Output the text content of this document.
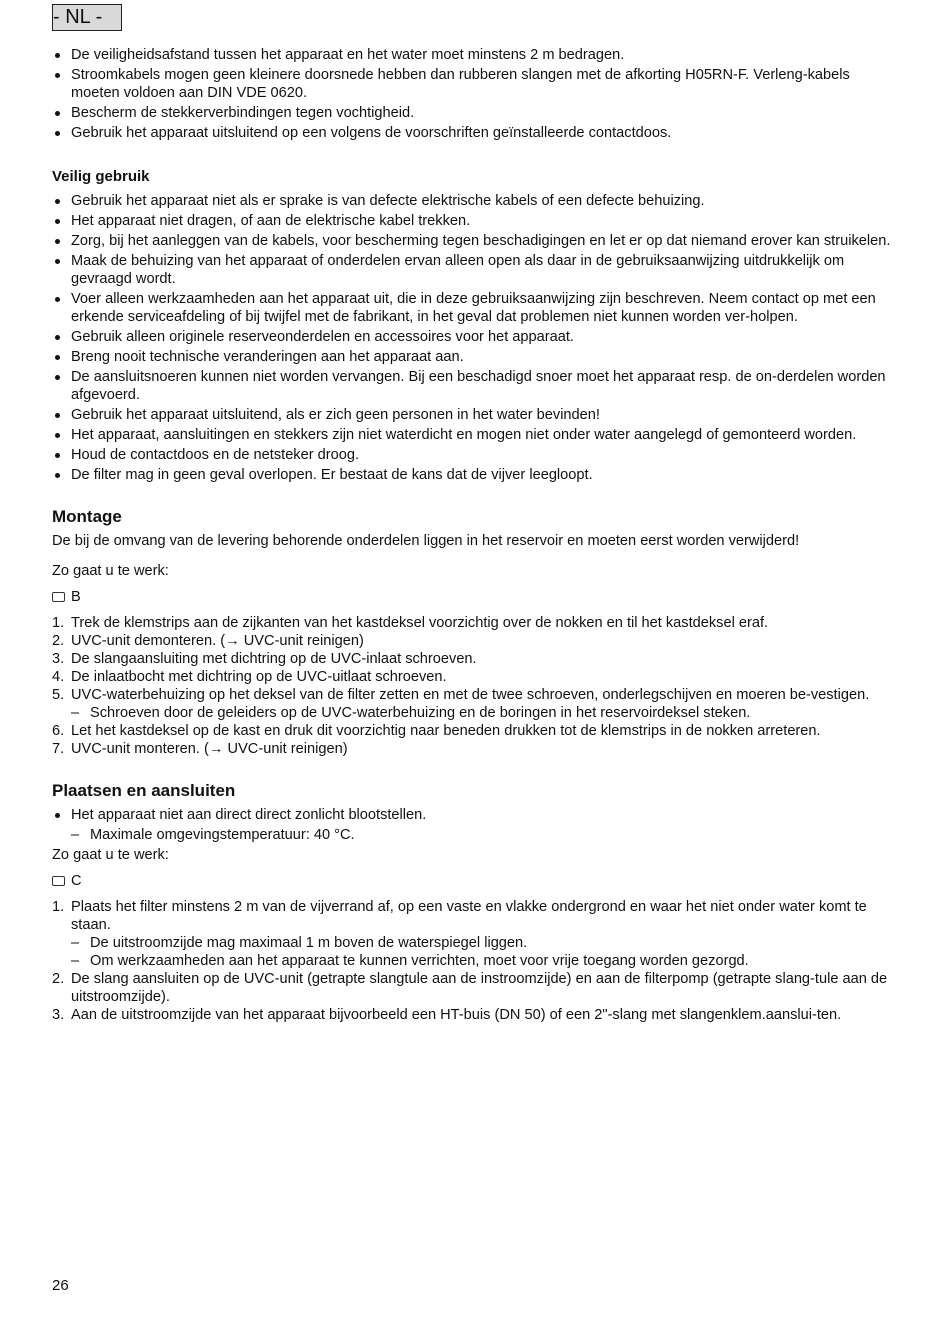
- NL -
De veiligheidsafstand tussen het apparaat en het water moet minstens 2 m bedragen.
Stroomkabels mogen geen kleinere doorsnede hebben dan rubberen slangen met de afkorting H05RN-F. Verleng-kabels moeten voldoen aan DIN VDE 0620.
Bescherm de stekkerverbindingen tegen vochtigheid.
Gebruik het apparaat uitsluitend op een volgens de voorschriften geïnstalleerde contactdoos.
Veilig gebruik
Gebruik het apparaat niet als er sprake is van defecte elektrische kabels of een defecte behuizing.
Het apparaat niet dragen, of aan de elektrische kabel trekken.
Zorg, bij het aanleggen van de kabels, voor bescherming tegen beschadigingen en let er op dat niemand erover kan struikelen.
Maak de behuizing van het apparaat of onderdelen ervan alleen open als daar in de gebruiksaanwijzing uitdrukkelijk om gevraagd wordt.
Voer alleen werkzaamheden aan het apparaat uit, die in deze gebruiksaanwijzing zijn beschreven. Neem contact op met een erkende serviceafdeling of bij twijfel met de fabrikant, in het geval dat problemen niet kunnen worden ver-holpen.
Gebruik alleen originele reserveonderdelen en accessoires voor het apparaat.
Breng nooit technische veranderingen aan het apparaat aan.
De aansluitsnoeren kunnen niet worden vervangen. Bij een beschadigd snoer moet het apparaat resp. de on-derdelen worden afgevoerd.
Gebruik het apparaat uitsluitend, als er zich geen personen in het water bevinden!
Het apparaat, aansluitingen en stekkers zijn niet waterdicht en mogen niet onder water aangelegd of gemonteerd worden.
Houd de contactdoos en de netsteker droog.
De filter mag in geen geval overlopen. Er bestaat de kans dat de vijver leegloopt.
Montage

De bij de omvang van de levering behorende onderdelen liggen in het reservoir en moeten eerst worden verwijderd!

Zo gaat u te werk:

B
1. Trek de klemstrips aan de zijkanten van het kastdeksel voorzichtig over de nokken en til het kastdeksel eraf.
2. UVC-unit demonteren. (→ UVC-unit reinigen)
3. De slangaansluiting met dichtring op de UVC-inlaat schroeven.
4. De inlaatbocht met dichtring op de UVC-uitlaat schroeven.
5. UVC-waterbehuizing op het deksel van de filter zetten en met de twee schroeven, onderlegschijven en moeren be-vestigen.
– Schroeven door de geleiders op de UVC-waterbehuizing en de boringen in het reservoirdeksel steken.
6. Let het kastdeksel op de kast en druk dit voorzichtig naar beneden drukken tot de klemstrips in de nokken arreteren.
7. UVC-unit monteren. (→ UVC-unit reinigen)
Plaatsen en aansluiten
Het apparaat niet aan direct direct zonlicht blootstellen.
– Maximale omgevingstemperatuur: 40 °C.

Zo gaat u te werk:

C
1. Plaats het filter minstens 2 m van de vijverrand af, op een vaste en vlakke ondergrond en waar het niet onder water komt te staan.
– De uitstroomzijde mag maximaal 1 m boven de waterspiegel liggen.
– Om werkzaamheden aan het apparaat te kunnen verrichten, moet voor vrije toegang worden gezorgd.
2. De slang aansluiten op de UVC-unit (getrapte slangtule aan de instroomzijde) en aan de filterpomp (getrapte slang-tule aan de uitstroomzijde).
3. Aan de uitstroomzijde van het apparaat bijvoorbeeld een HT-buis (DN 50) of een 2"-slang met slangenklem.aanslui-ten.
26
